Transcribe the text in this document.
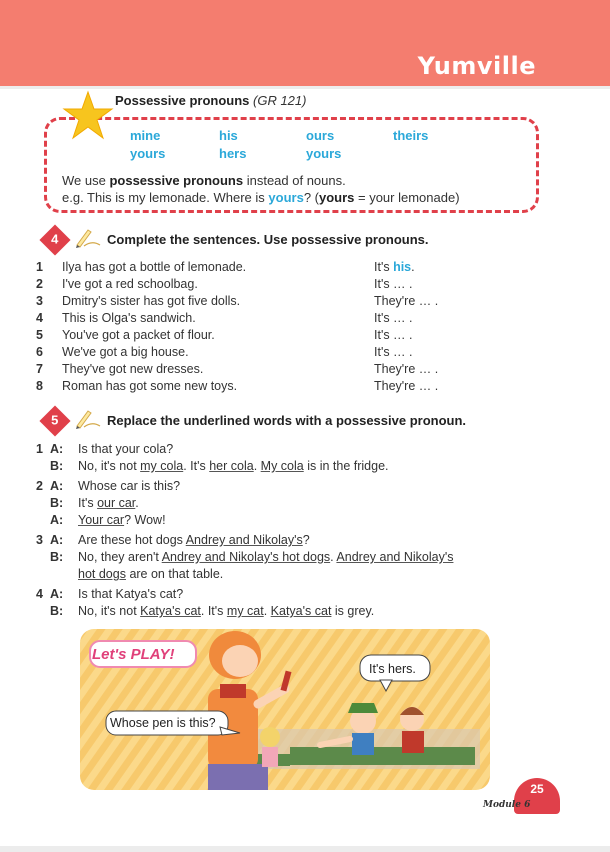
Yumville
Possessive pronouns (GR 121)
mine	his	ours	theirs
yours	hers	yours
We use possessive pronouns instead of nouns.
e.g. This is my lemonade. Where is yours? (yours = your lemonade)
4	Complete the sentences. Use possessive pronouns.
1	Ilya has got a bottle of lemonade.	It's his.
2	I've got a red schoolbag.	It's … .
3	Dmitry's sister has got five dolls.	They're … .
4	This is Olga's sandwich.	It's … .
5	You've got a packet of flour.	It's … .
6	We've got a big house.	It's … .
7	They've got new dresses.	They're … .
8	Roman has got some new toys.	They're … .
5	Replace the underlined words with a possessive pronoun.
1 A: Is that your cola?
B: No, it's not my cola. It's her cola. My cola is in the fridge.
2 A: Whose car is this?
B: It's our car.
A: Your car? Wow!
3 A: Are these hot dogs Andrey and Nikolay's?
B: No, they aren't Andrey and Nikolay's hot dogs. Andrey and Nikolay's
hot dogs are on that table.
4 A: Is that Katya's cat?
B: No, it's not Katya's cat. It's my cat. Katya's cat is grey.
Let's PLAY!
Whose pen is this?
It's hers.
25
Module 6
